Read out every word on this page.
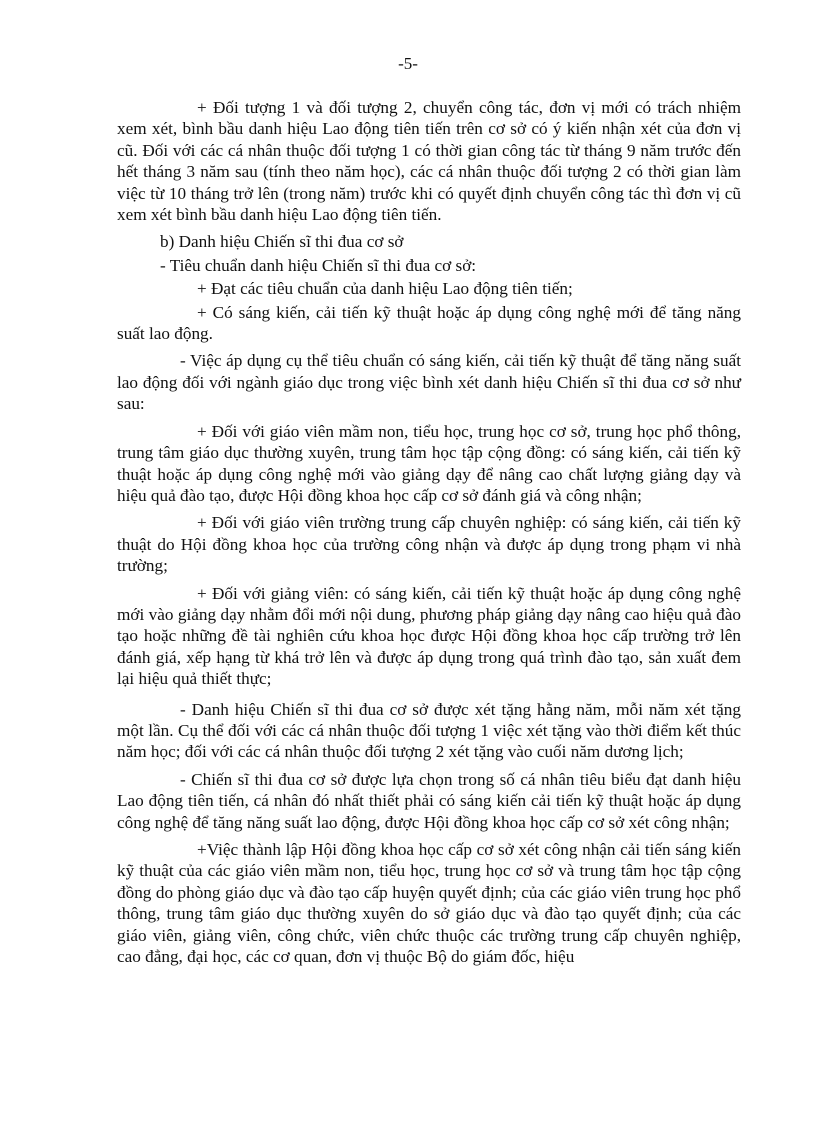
-5-

+ Đối tượng 1 và đối tượng 2, chuyển công tác, đơn vị mới có trách nhiệm xem xét, bình bầu danh hiệu Lao động tiên tiến trên cơ sở có ý kiến nhận xét của đơn vị cũ. Đối với các cá nhân thuộc đối tượng 1 có thời gian công tác từ tháng 9 năm trước đến hết tháng 3 năm sau (tính theo năm học), các cá nhân thuộc đối tượng 2 có thời gian làm việc từ 10 tháng trở lên (trong năm) trước khi có quyết định chuyển công tác thì đơn vị cũ xem xét bình bầu danh hiệu Lao động tiên tiến.

b) Danh hiệu Chiến sĩ thi đua cơ sở

- Tiêu chuẩn danh hiệu Chiến sĩ thi đua cơ sở:

+ Đạt các tiêu chuẩn của danh hiệu Lao động tiên tiến;

+ Có sáng kiến, cải tiến kỹ thuật hoặc áp dụng công nghệ mới để tăng năng suất lao động.

- Việc áp dụng cụ thể tiêu chuẩn có sáng kiến, cải tiến kỹ thuật để tăng năng suất lao động đối với ngành giáo dục trong việc bình xét danh hiệu Chiến sĩ thi đua cơ sở như sau:

+ Đối với giáo viên mầm non, tiểu học, trung học cơ sở, trung học phổ thông, trung tâm giáo dục thường xuyên, trung tâm học tập cộng đồng: có sáng kiến, cải tiến kỹ thuật hoặc áp dụng công nghệ mới vào giảng dạy để nâng cao chất lượng giảng dạy và hiệu quả đào tạo, được Hội đồng khoa học cấp cơ sở đánh giá và công nhận;

+ Đối với giáo viên trường trung cấp chuyên nghiệp: có sáng kiến, cải tiến kỹ thuật do Hội đồng khoa học của trường công nhận và được áp dụng trong phạm vi nhà trường;

+ Đối với giảng viên: có sáng kiến, cải tiến kỹ thuật hoặc áp dụng công nghệ mới vào giảng dạy nhằm đổi mới nội dung, phương pháp giảng dạy nâng cao hiệu quả đào tạo hoặc những đề tài nghiên cứu khoa học được Hội đồng khoa học cấp trường trở lên đánh giá, xếp hạng từ khá trở lên và được áp dụng trong quá trình đào tạo, sản xuất đem lại hiệu quả thiết thực;

- Danh hiệu Chiến sĩ thi đua cơ sở được xét tặng hằng năm, mỗi năm xét tặng một lần. Cụ thể đối với các cá nhân thuộc đối tượng 1 việc xét tặng vào thời điểm kết thúc năm học; đối với các cá nhân thuộc đối tượng 2 xét tặng vào cuối năm dương lịch;

- Chiến sĩ thi đua cơ sở được lựa chọn trong số cá nhân tiêu biểu đạt danh hiệu Lao động tiên tiến, cá nhân đó nhất thiết phải có sáng kiến cải tiến kỹ thuật hoặc áp dụng công nghệ để tăng năng suất lao động, được Hội đồng khoa học cấp cơ sở xét công nhận;

+Việc thành lập Hội đồng khoa học cấp cơ sở xét công nhận cải tiến sáng kiến kỹ thuật của các giáo viên mầm non, tiểu học, trung học cơ sở và trung tâm học tập cộng đồng do phòng giáo dục và đào tạo cấp huyện quyết định; của các giáo viên trung học phổ thông, trung tâm giáo dục thường xuyên do sở giáo dục và đào tạo quyết định; của các giáo viên, giảng viên, công chức, viên chức thuộc các trường trung cấp chuyên nghiệp, cao đẳng, đại học, các cơ quan, đơn vị thuộc Bộ do giám đốc, hiệu
